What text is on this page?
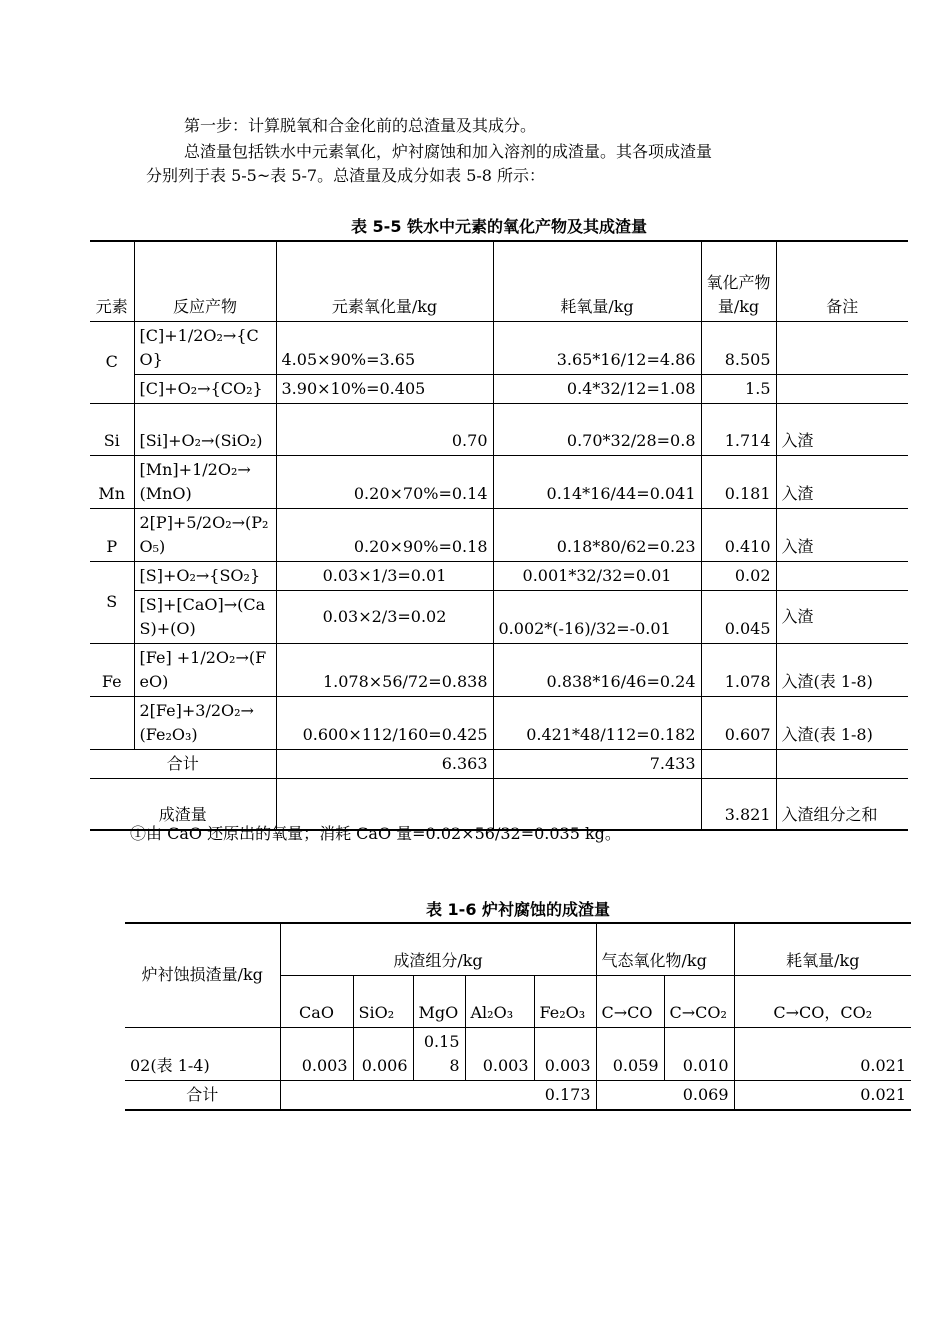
第一步：计算脱氧和合金化前的总渣量及其成分。
总渣量包括铁水中元素氧化，炉衬腐蚀和加入溶剂的成渣量。其各项成渣量
分别列于表 5-5~表 5-7。总渣量及成分如表 5-8 所示：
表 5-5 铁水中元素的氧化产物及其成渣量
元素	反应产物	元素氧化量/kg	耗氧量/kg	氧化产物量/kg	备注
C	[C]+1/2O₂→{CO}	4.05×90%=3.65	3.65*16/12=4.86	8.505	
	[C]+O₂→{CO₂}	3.90×10%=0.405	0.4*32/12=1.08	1.5	
Si	[Si]+O₂→(SiO₂)	0.70	0.70*32/28=0.8	1.714	入渣
Mn	[Mn]+1/2O₂→(MnO)	0.20×70%=0.14	0.14*16/44=0.041	0.181	入渣
P	2[P]+5/2O₂→(P₂O₅)	0.20×90%=0.18	0.18*80/62=0.23	0.410	入渣
S	[S]+O₂→{SO₂}	0.03×1/3=0.01	0.001*32/32=0.01	0.02	
	[S]+[CaO]→(CaS)+(O)	0.03×2/3=0.02	0.002*(-16)/32=-0.01	0.045	入渣
Fe	[Fe] +1/2O₂→(FeO)	1.078×56/72=0.838	0.838*16/46=0.24	1.078	入渣(表 1-8)
	2[Fe]+3/2O₂→(Fe₂O₃)	0.600×112/160=0.425	0.421*48/112=0.182	0.607	入渣(表 1-8)
合计		6.363	7.433		
成渣量				3.821	入渣组分之和
①由 CaO 还原出的氧量；消耗 CaO 量=0.02×56/32=0.035 kg。
表 1-6 炉衬腐蚀的成渣量
炉衬蚀损渣量/kg	成渣组分/kg					气态氧化物/kg		耗氧量/kg
	CaO	SiO₂	MgO	Al₂O₃	Fe₂O₃	C→CO	C→CO₂	C→CO，CO₂
02(表 1-4)	0.003	0.006	0.158	0.003	0.003	0.059	0.010	0.021
合计	0.173					0.069		0.021
